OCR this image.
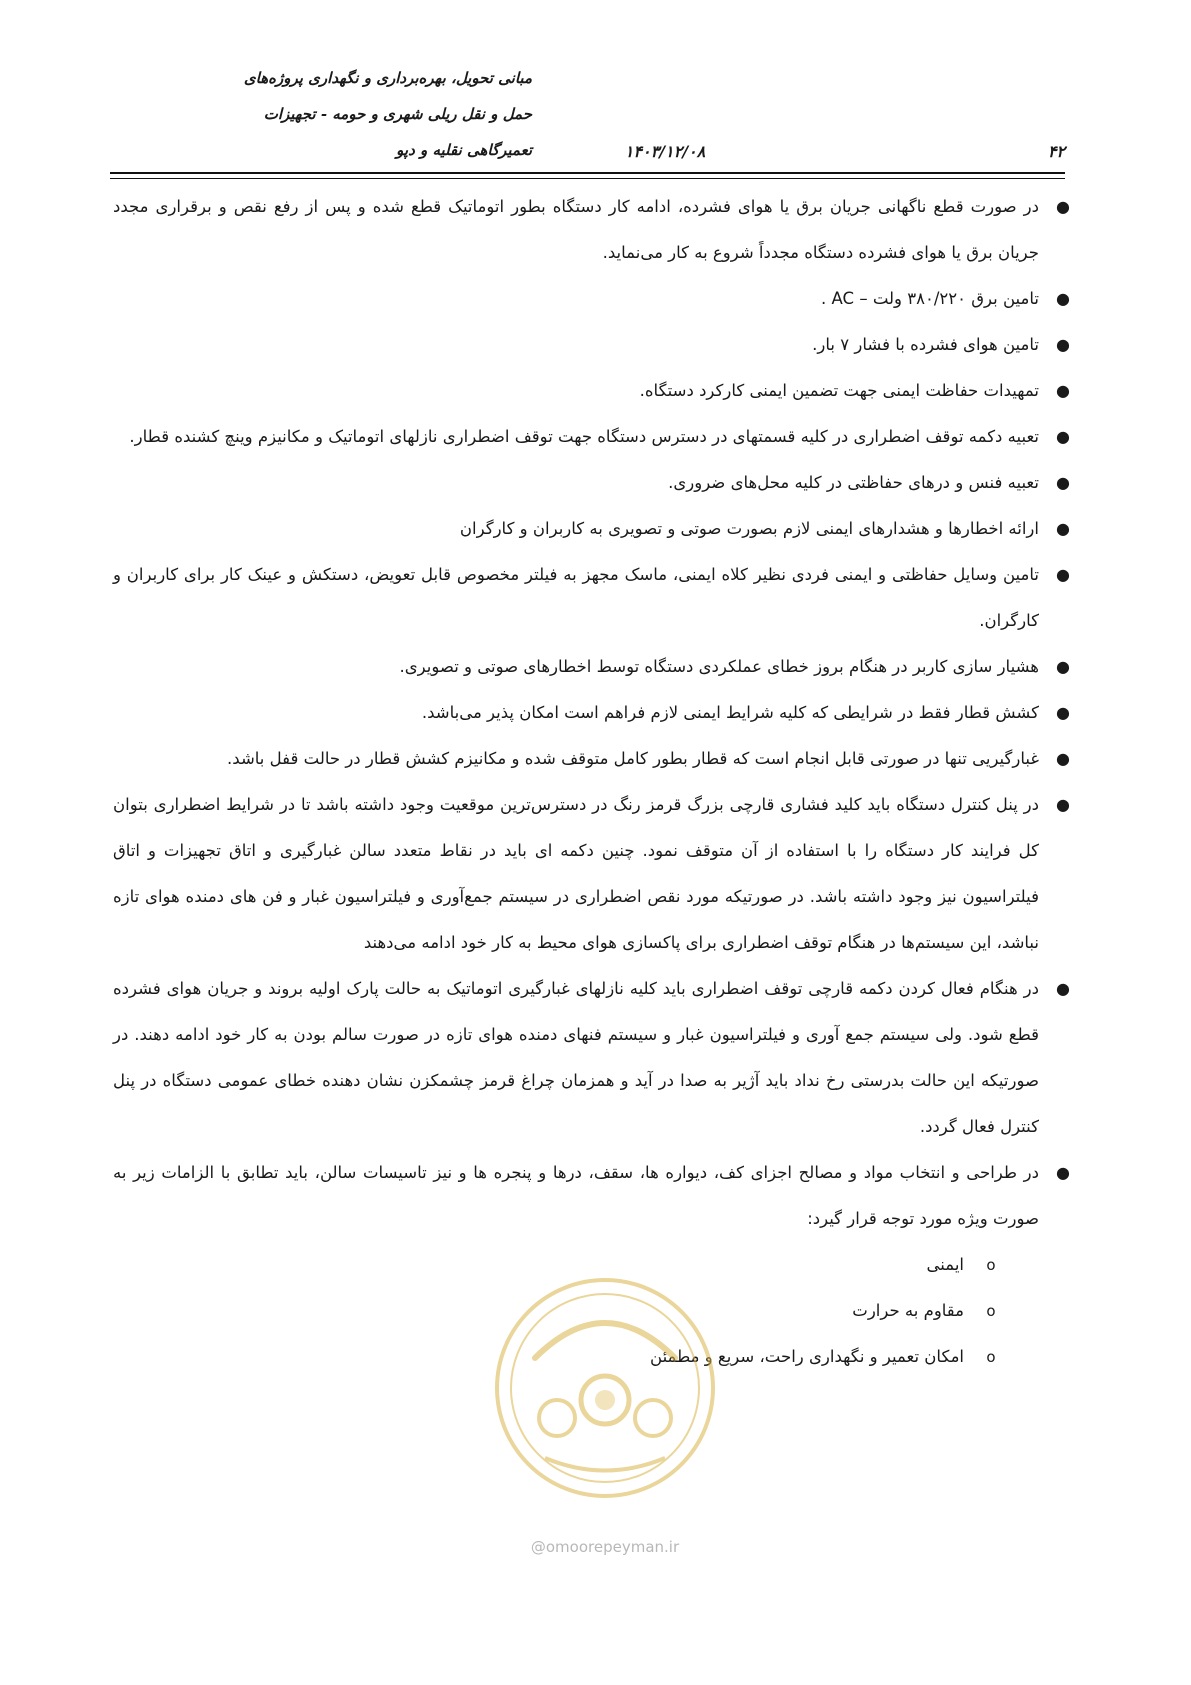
مبانی تحویل، بهره‌برداری و نگهداری پروژه‌های
حمل و نقل ریلی شهری و حومه - تجهیزات
تعمیرگاهی نقلیه و دپو	۱۴۰۳/۱۲/۰۸	۴۲
●
در صورت قطع ناگهانی جریان برق یا هوای فشرده، ادامه کار دستگاه بطور اتوماتیک قطع شده و پس از رفع نقص و برقراری مجدد جریان برق یا هوای فشرده دستگاه مجدداً شروع به کار می‌نماید.
●
تامین برق ۳۸۰/۲۲۰ ولت – AC .
●
تامین هوای فشرده با فشار ۷ بار.
●
تمهیدات حفاظت ایمنی جهت تضمین ایمنی کارکرد دستگاه.
●
تعبیه دکمه توقف اضطراری در کلیه قسمتهای در دسترس دستگاه جهت توقف اضطراری نازلهای اتوماتیک و مکانیزم وینچ کشنده قطار.
●
تعبیه فنس و درهای حفاظتی در کلیه محل‌های ضروری.
●
ارائه اخطارها و هشدارهای ایمنی لازم بصورت صوتی و تصویری به کاربران و کارگران
●
تامین وسایل حفاظتی و ایمنی فردی نظیر کلاه ایمنی، ماسک مجهز به فیلتر مخصوص قابل تعویض، دستکش و عینک کار برای کاربران و کارگران.
●
هشیار سازی کاربر در هنگام بروز خطای عملکردی دستگاه توسط اخطارهای صوتی و تصویری.
●
کشش قطار فقط در شرایطی که کلیه شرایط ایمنی لازم فراهم است امکان پذیر می‌باشد.
●
غبارگیریی تنها در صورتی قابل انجام است که قطار بطور کامل متوقف شده و مکانیزم کشش قطار در حالت قفل باشد.
●
در پنل کنترل دستگاه باید کلید فشاری قارچی بزرگ قرمز رنگ در دسترس‌ترین موقعیت وجود داشته باشد تا در شرایط اضطراری بتوان کل فرایند کار دستگاه را با استفاده از آن متوقف نمود. چنین دکمه ای باید در نقاط متعدد سالن غبارگیری و اتاق تجهیزات و اتاق فیلتراسیون نیز وجود داشته باشد. در صورتیکه مورد نقص اضطراری در سیستم جمع‌آوری و فیلتراسیون غبار و فن های دمنده هوای تازه نباشد، این سیستم‌ها در هنگام توقف اضطراری برای پاکسازی هوای محیط به کار خود ادامه می‌دهند
●
در هنگام فعال کردن دکمه قارچی توقف اضطراری باید کلیه نازلهای غبارگیری اتوماتیک به حالت پارک اولیه بروند و جریان هوای فشرده قطع شود. ولی سیستم جمع آوری و فیلتراسیون غبار و سیستم فنهای دمنده هوای تازه در صورت سالم بودن به کار خود ادامه دهند. در صورتیکه این حالت بدرستی رخ نداد باید آژیر به صدا در آید و همزمان چراغ قرمز چشمکزن نشان دهنده خطای عمومی دستگاه در پنل کنترل فعال گردد.
●
در طراحی و انتخاب مواد و مصالح اجزای کف، دیواره ها، سقف، درها و پنجره ها و نیز تاسیسات سالن، باید تطابق با الزامات زیر به صورت ویژه مورد توجه قرار گیرد:
o
ایمنی
o
مقاوم به حرارت
o
امکان تعمیر و نگهداری راحت، سریع و مطمئن
@omoorepeyman.ir
